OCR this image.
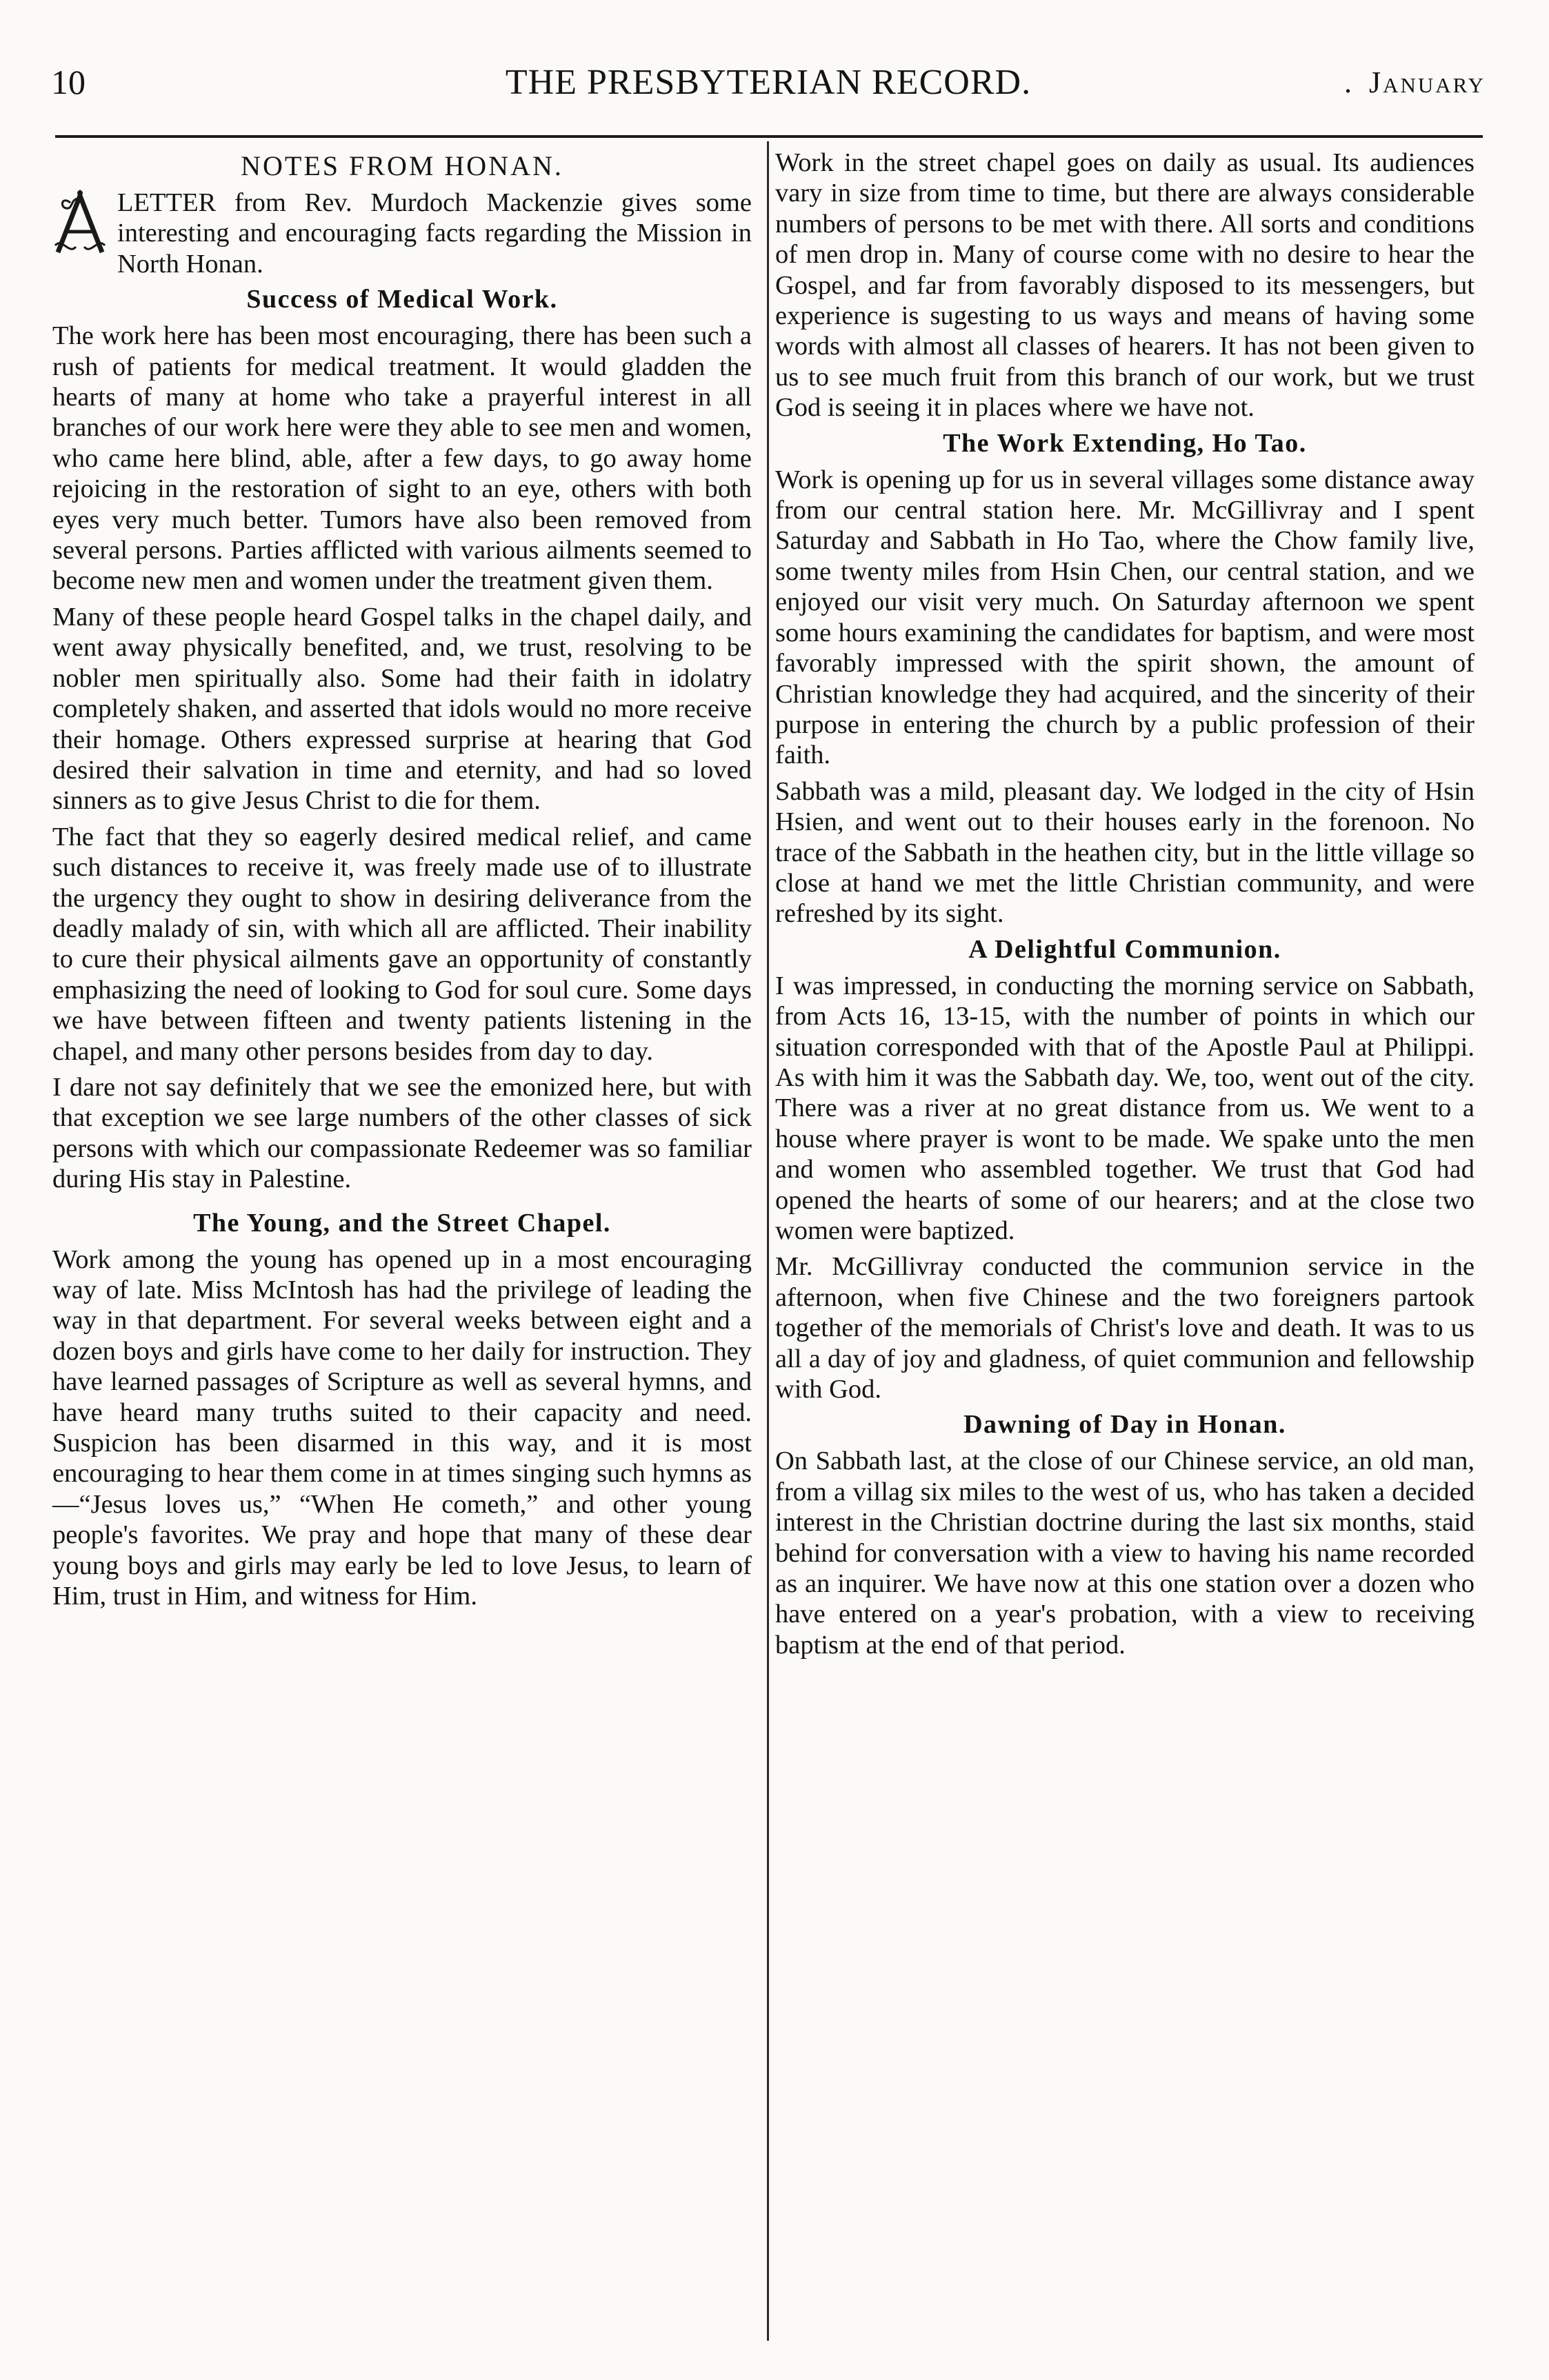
10	THE PRESBYTERIAN RECORD.	. January
NOTES FROM HONAN.

LETTER from Rev. Murdoch Mackenzie gives some interesting and encouraging facts regarding the Mission in North Honan.

Success of Medical Work.

The work here has been most encouraging, there has been such a rush of patients for medical treatment. It would gladden the hearts of many at home who take a prayerful interest in all branches of our work here were they able to see men and women, who came here blind, able, after a few days, to go away home rejoicing in the restoration of sight to an eye, others with both eyes very much better. Tumors have also been removed from several persons. Parties afflicted with various ailments seemed to become new men and women under the treatment given them.

Many of these people heard Gospel talks in the chapel daily, and went away physically benefited, and, we trust, resolving to be nobler men spiritually also. Some had their faith in idolatry completely shaken, and asserted that idols would no more receive their homage. Others expressed surprise at hearing that God desired their salvation in time and eternity, and had so loved sinners as to give Jesus Christ to die for them.

The fact that they so eagerly desired medical relief, and came such distances to receive it, was freely made use of to illustrate the urgency they ought to show in desiring deliverance from the deadly malady of sin, with which all are afflicted. Their inability to cure their physical ailments gave an opportunity of constantly emphasizing the need of looking to God for soul cure. Some days we have between fifteen and twenty patients listening in the chapel, and many other persons besides from day to day.

I dare not say definitely that we see the emonized here, but with that exception we see large numbers of the other classes of sick persons with which our compassionate Redeemer was so familiar during His stay in Palestine.

The Young, and the Street Chapel.

Work among the young has opened up in a most encouraging way of late. Miss McIntosh has had the privilege of leading the way in that department. For several weeks between eight and a dozen boys and girls have come to her daily for instruction. They have learned passages of Scripture as well as several hymns, and have heard many truths suited to their capacity and need. Suspicion has been disarmed in this way, and it is most encouraging to hear them come in at times singing such hymns as—“Jesus loves us,” “When He cometh,” and other young people's favorites. We pray and hope that many of these dear young boys and girls may early be led to love Jesus, to learn of Him, trust in Him, and witness for Him.

Work in the street chapel goes on daily as usual. Its audiences vary in size from time to time, but there are always considerable numbers of persons to be met with there. All sorts and conditions of men drop in. Many of course come with no desire to hear the Gospel, and far from favorably disposed to its messengers, but experience is sugesting to us ways and means of having some words with almost all classes of hearers. It has not been given to us to see much fruit from this branch of our work, but we trust God is seeing it in places where we have not.

The Work Extending, Ho Tao.

Work is opening up for us in several villages some distance away from our central station here. Mr. McGillivray and I spent Saturday and Sabbath in Ho Tao, where the Chow family live, some twenty miles from Hsin Chen, our central station, and we enjoyed our visit very much. On Saturday afternoon we spent some hours examining the candidates for baptism, and were most favorably impressed with the spirit shown, the amount of Christian knowledge they had acquired, and the sincerity of their purpose in entering the church by a public profession of their faith.

Sabbath was a mild, pleasant day. We lodged in the city of Hsin Hsien, and went out to their houses early in the forenoon. No trace of the Sabbath in the heathen city, but in the little village so close at hand we met the little Christian community, and were refreshed by its sight.

A Delightful Communion.

I was impressed, in conducting the morning service on Sabbath, from Acts 16, 13-15, with the number of points in which our situation corresponded with that of the Apostle Paul at Philippi. As with him it was the Sabbath day. We, too, went out of the city. There was a river at no great distance from us. We went to a house where prayer is wont to be made. We spake unto the men and women who assembled together. We trust that God had opened the hearts of some of our hearers; and at the close two women were baptized.

Mr. McGillivray conducted the communion service in the afternoon, when five Chinese and the two foreigners partook together of the memorials of Christ's love and death. It was to us all a day of joy and gladness, of quiet communion and fellowship with God.

Dawning of Day in Honan.

On Sabbath last, at the close of our Chinese service, an old man, from a villag six miles to the west of us, who has taken a decided interest in the Christian doctrine during the last six months, staid behind for conversation with a view to having his name recorded as an inquirer. We have now at this one station over a dozen who have entered on a year's probation, with a view to receiving baptism at the end of that period.
